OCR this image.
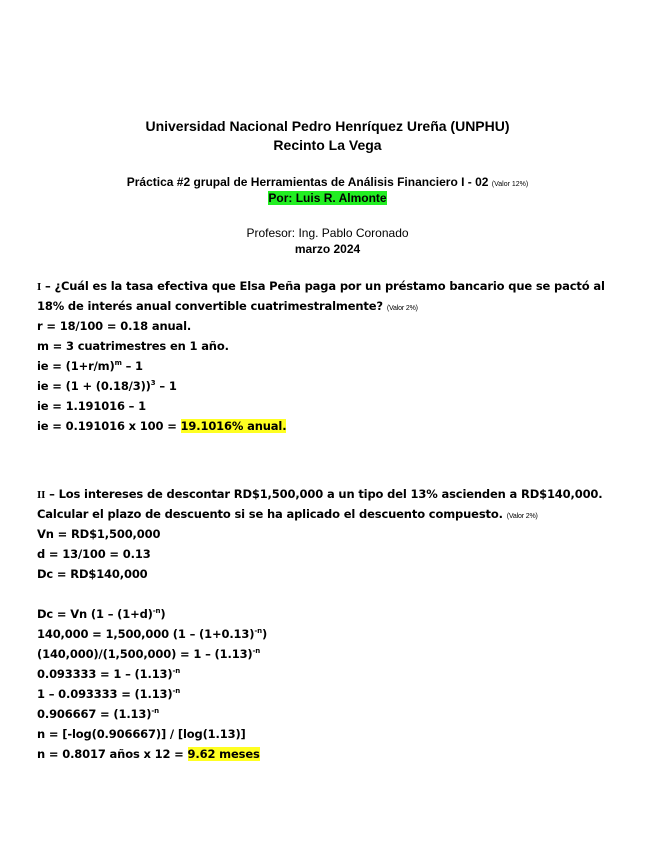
Universidad Nacional Pedro Henríquez Ureña (UNPHU)
Recinto La Vega
Práctica #2 grupal de Herramientas de Análisis Financiero I - 02 (Valor 12%)
Por: Luis R. Almonte
Profesor: Ing. Pablo Coronado
marzo 2024
I – ¿Cuál es la tasa efectiva que Elsa Peña paga por un préstamo bancario que se pactó al
18% de interés anual convertible cuatrimestralmente? (Valor 2%)
r = 18/100 = 0.18 anual.
m = 3 cuatrimestres en 1 año.
ie = $(1+r/m)^m - 1$
ie = $(1 + (0.18/3))^3 - 1$
ie = 1.191016 – 1
ie = 0.191016 x 100 = 19.1016% anual.
II – Los intereses de descontar RD$1,500,000 a un tipo del 13% ascienden a RD$140,000.
Calcular el plazo de descuento si se ha aplicado el descuento compuesto. (Valor 2%)
Vn = RD$1,500,000
d = 13/100 = 0.13
Dc = RD$140,000
Dc = Vn $(1 - (1+d)^{-n})$
140,000 = 1,500,000 $(1 - (1+0.13)^{-n})$
$(140,000)/(1,500,000) = 1 - (1.13)^{-n}$
$0.093333 = 1 - (1.13)^{-n}$
$1 - 0.093333 = (1.13)^{-n}$
$0.906667 = (1.13)^{-n}$
n = [-log(0.906667)] / [log(1.13)]
n = 0.8017 años x 12 = 9.62 meses
